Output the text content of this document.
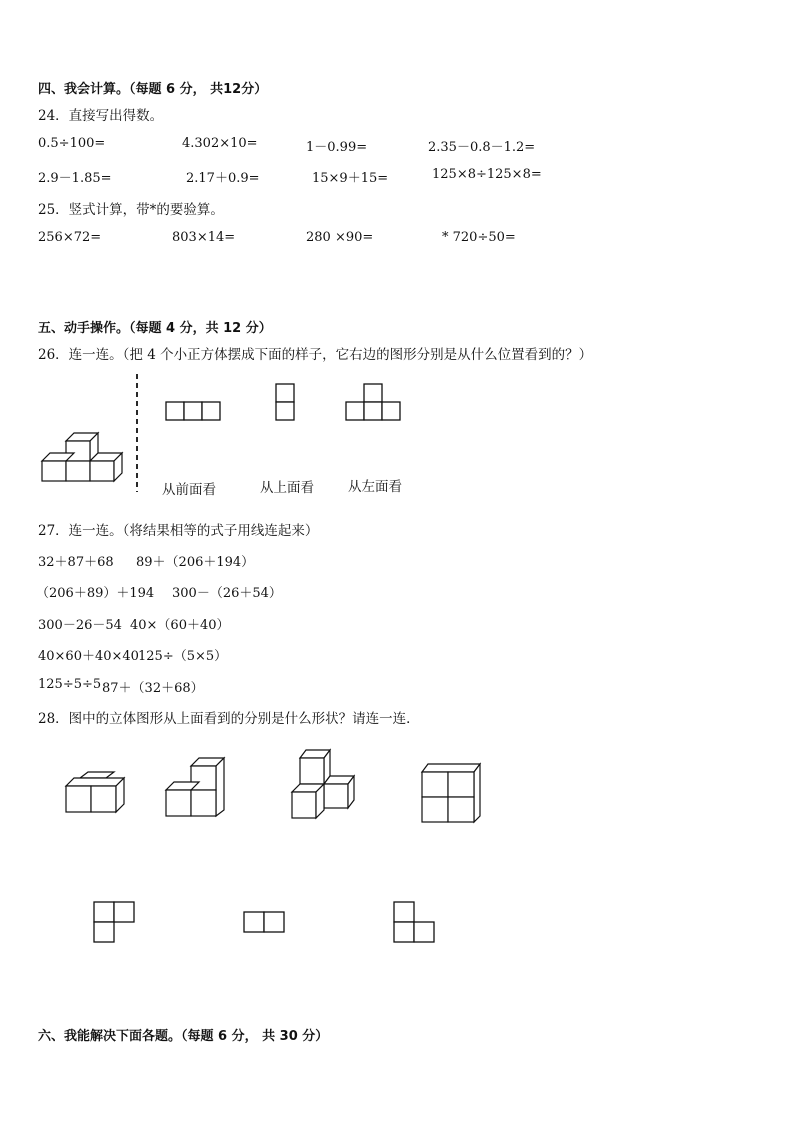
四、我会计算。（每题 6 分， 共12分）
24．直接写出得数。
0.5÷100=	4.302×10=	1－0.99=	2.35－0.8－1.2=
2.9－1.85=	2.17＋0.9=	15×9＋15=	125×8÷125×8=
25．竖式计算，带*的要验算。
256×72=	803×14=	280 ×90=	* 720÷50=
五、动手操作。（每题 4 分，共 12 分）
26．连一连。（把 4 个小正方体摆成下面的样子，它右边的图形分别是从什么位置看到的？）
从前面看	从上面看	从左面看
27．连一连。（将结果相等的式子用线连起来）
32＋87＋68 89＋（206＋194）
（206＋89）＋194 300－（26＋54）
300－26－54 40×（60＋40）
40×60＋40×40 125÷（5×5）
125÷5÷5 87＋（32＋68）
28．图中的立体图形从上面看到的分别是什么形状？请连一连．
六、我能解决下面各题。（每题 6 分， 共 30 分）
